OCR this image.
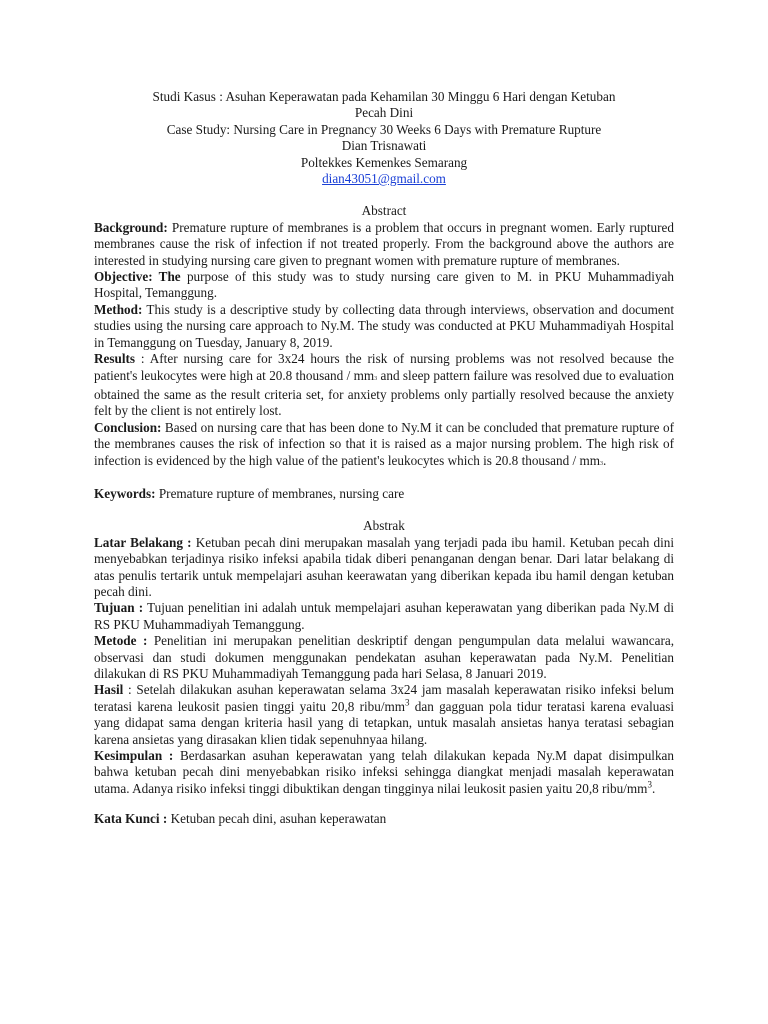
Studi Kasus : Asuhan Keperawatan pada Kehamilan 30 Minggu 6 Hari dengan Ketuban
Pecah Dini
Case Study: Nursing Care in Pregnancy 30 Weeks 6 Days with Premature Rupture
Dian Trisnawati
Poltekkes Kemenkes Semarang
dian43051@gmail.com
Abstract

Background: Premature rupture of membranes is a problem that occurs in pregnant women. Early ruptured membranes cause the risk of infection if not treated properly. From the background above the authors are interested in studying nursing care given to pregnant women with premature rupture of membranes.

Objective: The purpose of this study was to study nursing care given to M. in PKU Muhammadiyah Hospital, Temanggung.

Method: This study is a descriptive study by collecting data through interviews, observation and document studies using the nursing care approach to Ny.M. The study was conducted at PKU Muhammadiyah Hospital in Temanggung on Tuesday, January 8, 2019.

Results : After nursing care for 3x24 hours the risk of nursing problems was not resolved because the patient's leukocytes were high at 20.8 thousand / mm3 and sleep pattern failure was resolved due to evaluation obtained the same as the result criteria set, for anxiety problems only partially resolved because the anxiety felt by the client is not entirely lost.

Conclusion: Based on nursing care that has been done to Ny.M it can be concluded that premature rupture of the membranes causes the risk of infection so that it is raised as a major nursing problem. The high risk of infection is evidenced by the high value of the patient's leukocytes which is 20.8 thousand / mm3.

Keywords: Premature rupture of membranes, nursing care

Abstrak

Latar Belakang : Ketuban pecah dini merupakan masalah yang terjadi pada ibu hamil. Ketuban pecah dini menyebabkan terjadinya risiko infeksi apabila tidak diberi penanganan dengan benar. Dari latar belakang di atas penulis tertarik untuk mempelajari asuhan keerawatan yang diberikan kepada ibu hamil dengan ketuban pecah dini.

Tujuan : Tujuan penelitian ini adalah untuk mempelajari asuhan keperawatan yang diberikan pada Ny.M di RS PKU Muhammadiyah Temanggung.

Metode : Penelitian ini merupakan penelitian deskriptif dengan pengumpulan data melalui wawancara, observasi dan studi dokumen menggunakan pendekatan asuhan keperawatan pada Ny.M. Penelitian dilakukan di RS PKU Muhammadiyah Temanggung pada hari Selasa, 8 Januari 2019.

Hasil : Setelah dilakukan asuhan keperawatan selama 3x24 jam masalah keperawatan risiko infeksi belum teratasi karena leukosit pasien tinggi yaitu 20,8 ribu/$mm^3$ dan gagguan pola tidur teratasi karena evaluasi yang didapat sama dengan kriteria hasil yang di tetapkan, untuk masalah ansietas hanya teratasi sebagian karena ansietas yang dirasakan klien tidak sepenuhnyaa hilang.

Kesimpulan : Berdasarkan asuhan keperawatan yang telah dilakukan kepada Ny.M dapat disimpulkan bahwa ketuban pecah dini menyebabkan risiko infeksi sehingga diangkat menjadi masalah keperawatan utama. Adanya risiko infeksi tinggi dibuktikan dengan tingginya nilai leukosit pasien yaitu 20,8 ribu/$mm^3$.

Kata Kunci : Ketuban pecah dini, asuhan keperawatan
